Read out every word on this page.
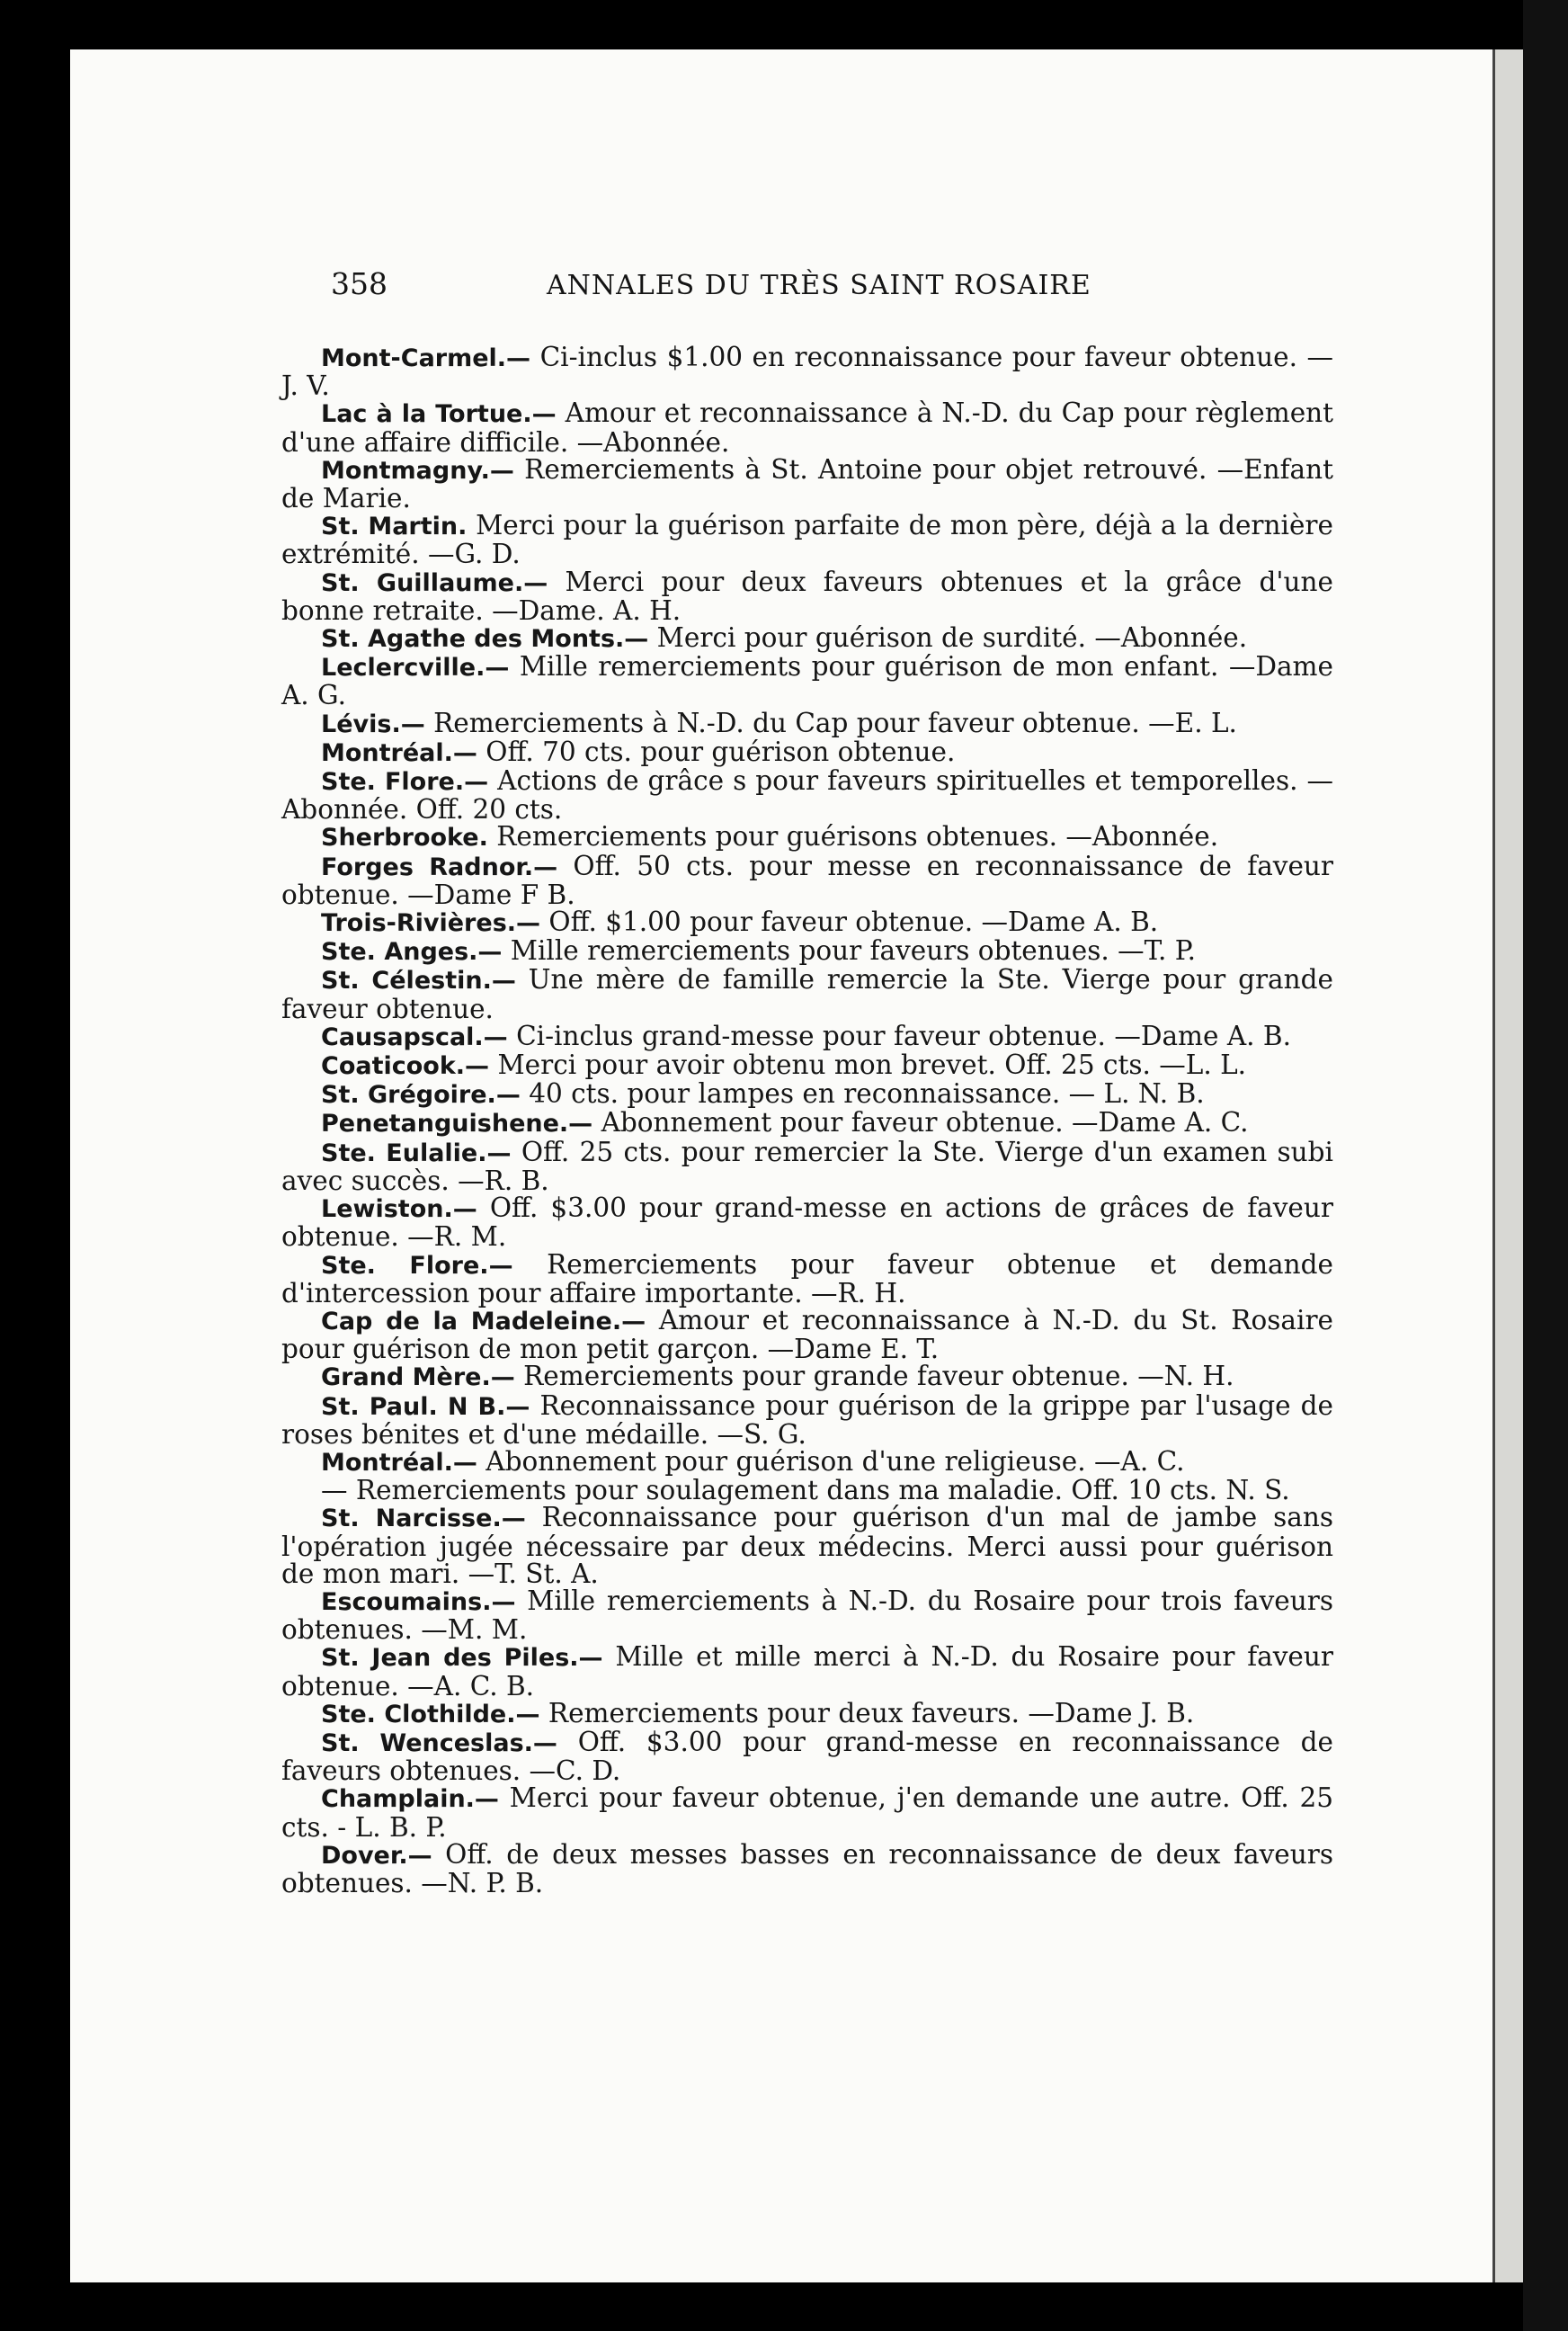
358	ANNALES DU TRÈS SAINT ROSAIRE

Mont-Carmel.— Ci-inclus $1.00 en reconnaissance pour faveur obtenue. —J. V.

Lac à la Tortue.— Amour et reconnaissance à N.-D. du Cap pour règlement d'une affaire difficile. —Abonnée.

Montmagny.— Remerciements à St. Antoine pour objet retrouvé. —Enfant de Marie.

St. Martin. Merci pour la guérison parfaite de mon père, déjà a la dernière extrémité. —G. D.

St. Guillaume.— Merci pour deux faveurs obtenues et la grâce d'une bonne retraite. —Dame. A. H.

St. Agathe des Monts.— Merci pour guérison de surdité. —Abonnée.

Leclercville.— Mille remerciements pour guérison de mon enfant. —Dame A. G.

Lévis.— Remerciements à N.-D. du Cap pour faveur obtenue. —E. L.

Montréal.— Off. 70 cts. pour guérison obtenue.

Ste. Flore.— Actions de grâce s pour faveurs spirituelles et temporelles. —Abonnée. Off. 20 cts.

Sherbrooke. Remerciements pour guérisons obtenues. —Abonnée.

Forges Radnor.— Off. 50 cts. pour messe en reconnaissance de faveur obtenue. —Dame F B.

Trois-Rivières.— Off. $1.00 pour faveur obtenue. —Dame A. B.

Ste. Anges.— Mille remerciements pour faveurs obtenues. —T. P.

St. Célestin.— Une mère de famille remercie la Ste. Vierge pour grande faveur obtenue.

Causapscal.— Ci-inclus grand-messe pour faveur obtenue. —Dame A. B.

Coaticook.— Merci pour avoir obtenu mon brevet. Off. 25 cts. —L. L.

St. Grégoire.— 40 cts. pour lampes en reconnaissance. — L. N. B.

Penetanguishene.— Abonnement pour faveur obtenue. —Dame A. C.

Ste. Eulalie.— Off. 25 cts. pour remercier la Ste. Vierge d'un examen subi avec succès. —R. B.

Lewiston.— Off. $3.00 pour grand-messe en actions de grâces de faveur obtenue. —R. M.

Ste. Flore.— Remerciements pour faveur obtenue et demande d'intercession pour affaire importante. —R. H.

Cap de la Madeleine.— Amour et reconnaissance à N.-D. du St. Rosaire pour guérison de mon petit garçon. —Dame E. T.

Grand Mère.— Remerciements pour grande faveur obtenue. —N. H.

St. Paul. N B.— Reconnaissance pour guérison de la grippe par l'usage de roses bénites et d'une médaille. —S. G.

Montréal.— Abonnement pour guérison d'une religieuse. —A. C.

— Remerciements pour soulagement dans ma maladie. Off. 10 cts. N. S.

St. Narcisse.— Reconnaissance pour guérison d'un mal de jambe sans l'opération jugée nécessaire par deux médecins. Merci aussi pour guérison de mon mari. —T. St. A.

Escoumains.— Mille remerciements à N.-D. du Rosaire pour trois faveurs obtenues. —M. M.

St. Jean des Piles.— Mille et mille merci à N.-D. du Rosaire pour faveur obtenue. —A. C. B.

Ste. Clothilde.— Remerciements pour deux faveurs. —Dame J. B.

St. Wenceslas.— Off. $3.00 pour grand-messe en reconnaissance de faveurs obtenues. —C. D.

Champlain.— Merci pour faveur obtenue, j'en demande une autre. Off. 25 cts. - L. B. P.

Dover.— Off. de deux messes basses en reconnaissance de deux faveurs obtenues. —N. P. B.
